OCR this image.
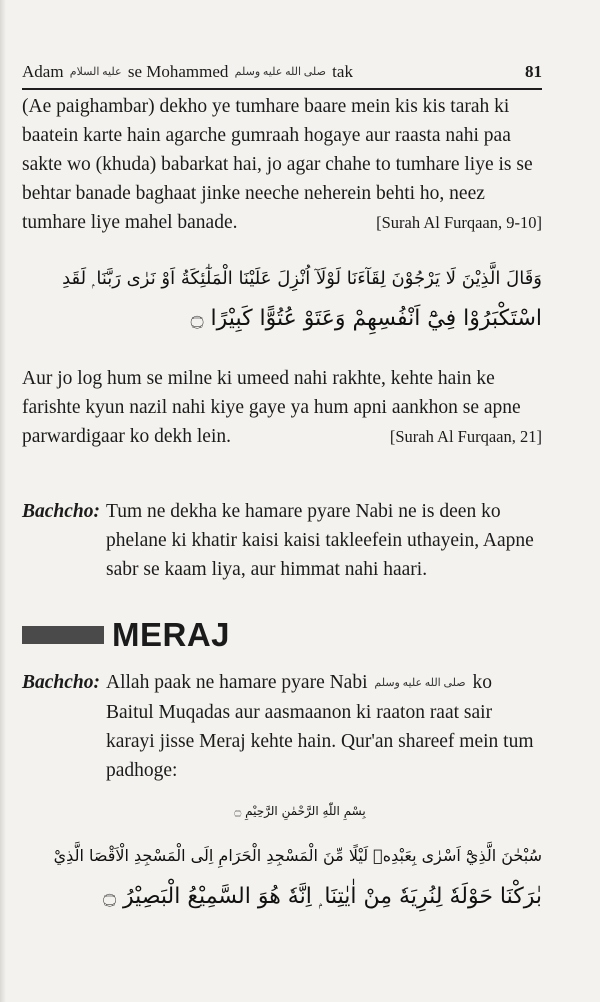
Adam عليه السلام se Mohammed صلى الله عليه وسلم tak	81
(Ae paighambar) dekho ye tumhare baare mein kis kis tarah ki baatein karte hain agarche gumraah hogaye aur raasta nahi paa sakte wo (khuda) babarkat hai, jo agar chahe to tumhare liye is se behtar banade baghaat jinke neeche neherein behti ho, neez tumhare liye mahel banade.	[Surah Al Furqaan, 9-10]
وَقَالَ الَّذِيْنَ لَا يَرْجُوْنَ لِقَآءَنَا لَوْلَآ اُنْزِلَ عَلَيْنَا الْمَلٰٓئِكَةُ اَوْ نَرٰى رَبَّنَا ۭ لَقَدِ
اسْتَكْبَرُوْا فِيْٓ اَنْفُسِهِمْ وَعَتَوْ عُتُوًّا كَبِيْرًا ۝
Aur jo log hum se milne ki umeed nahi rakhte, kehte hain ke farishte kyun nazil nahi kiye gaye ya hum apni aankhon se apne parwardigaar ko dekh lein.	[Surah Al Furqaan, 21]
Bachcho: Tum ne dekha ke hamare pyare Nabi ne is deen ko phelane ki khatir kaisi kaisi takleefein uthayein, Aapne sabr se kaam liya, aur himmat nahi haari.
MERAJ
Bachcho: Allah paak ne hamare pyare Nabi صلى الله عليه وسلم ko Baitul Muqadas aur aasmaanon ki raaton raat sair karayi jisse Meraj kehte hain. Qur'an shareef mein tum padhoge:
بِسْمِ اللّٰهِ الرَّحْمٰنِ الرَّحِيْمِ ۝
سُبْحٰنَ الَّذِيْٓ اَسْرٰى بِعَبْدِهٖ لَيْلًا مِّنَ الْمَسْجِدِ الْحَرَامِ اِلَى الْمَسْجِدِ الْاَقْصَا الَّذِيْ
بٰرَكْنَا حَوْلَهٗ لِنُرِيَهٗ مِنْ اٰيٰتِنَا ۭ اِنَّهٗ هُوَ السَّمِيْعُ الْبَصِيْرُ ۝
